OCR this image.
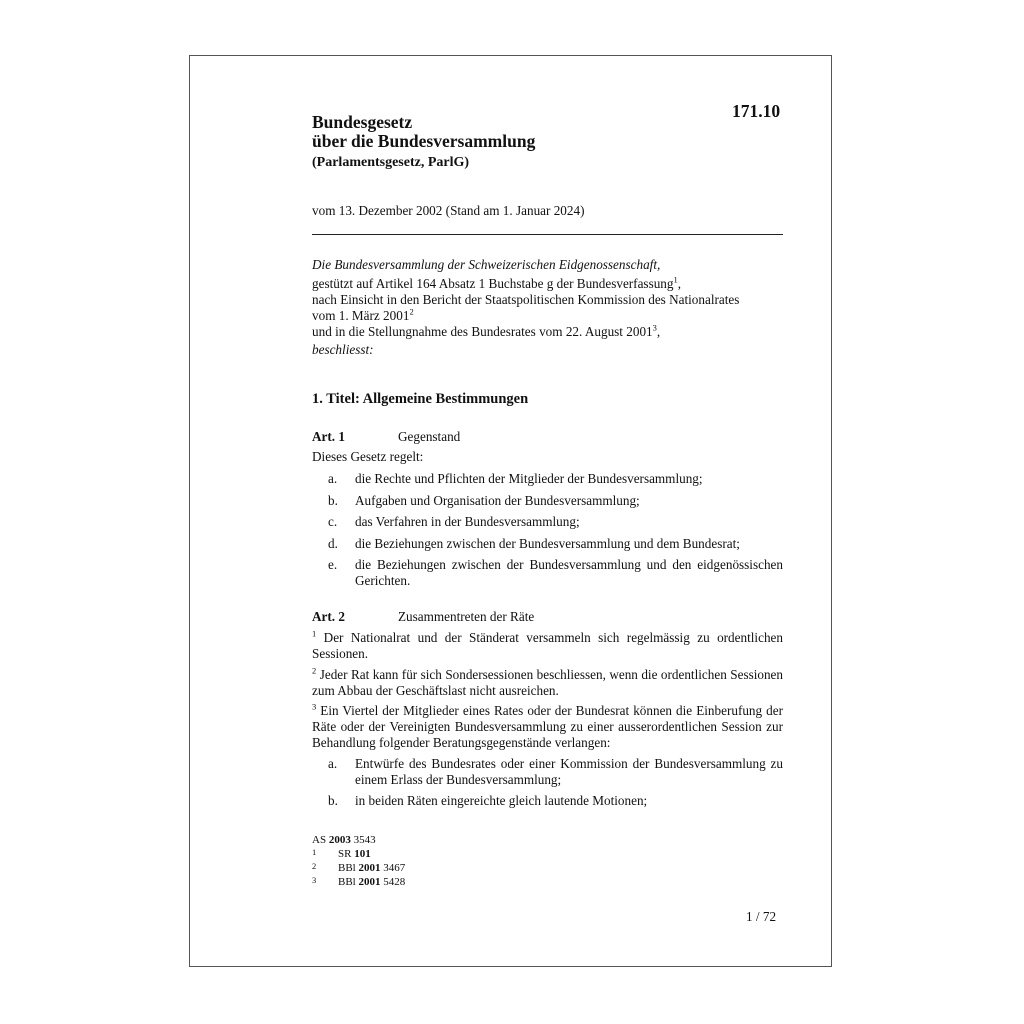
171.10
Bundesgesetz
über die Bundesversammlung
(Parlamentsgesetz, ParlG)
vom 13. Dezember 2002 (Stand am 1. Januar 2024)
Die Bundesversammlung der Schweizerischen Eidgenossenschaft,
gestützt auf Artikel 164 Absatz 1 Buchstabe g der Bundesverfassung$^1$,
nach Einsicht in den Bericht der Staatspolitischen Kommission des Nationalrates
vom 1. März 2001$^2$
und in die Stellungnahme des Bundesrates vom 22. August 2001$^3$,
beschliesst:
1. Titel: Allgemeine Bestimmungen
Art. 1	Gegenstand
Dieses Gesetz regelt:
a. die Rechte und Pflichten der Mitglieder der Bundesversammlung;
b. Aufgaben und Organisation der Bundesversammlung;
c. das Verfahren in der Bundesversammlung;
d. die Beziehungen zwischen der Bundesversammlung und dem Bundesrat;
e. die Beziehungen zwischen der Bundesversammlung und den eidgenössischen Gerichten.
Art. 2	Zusammentreten der Räte
$^1$ Der Nationalrat und der Ständerat versammeln sich regelmässig zu ordentlichen Sessionen.
$^2$ Jeder Rat kann für sich Sondersessionen beschliessen, wenn die ordentlichen Sessionen zum Abbau der Geschäftslast nicht ausreichen.
$^3$ Ein Viertel der Mitglieder eines Rates oder der Bundesrat können die Einberufung der Räte oder der Vereinigten Bundesversammlung zu einer ausserordentlichen Session zur Behandlung folgender Beratungsgegenstände verlangen:
a. Entwürfe des Bundesrates oder einer Kommission der Bundesversammlung zu einem Erlass der Bundesversammlung;
b. in beiden Räten eingereichte gleich lautende Motionen;
AS 2003 3543
1 SR 101
2 BBl 2001 3467
3 BBl 2001 5428
1 / 72
